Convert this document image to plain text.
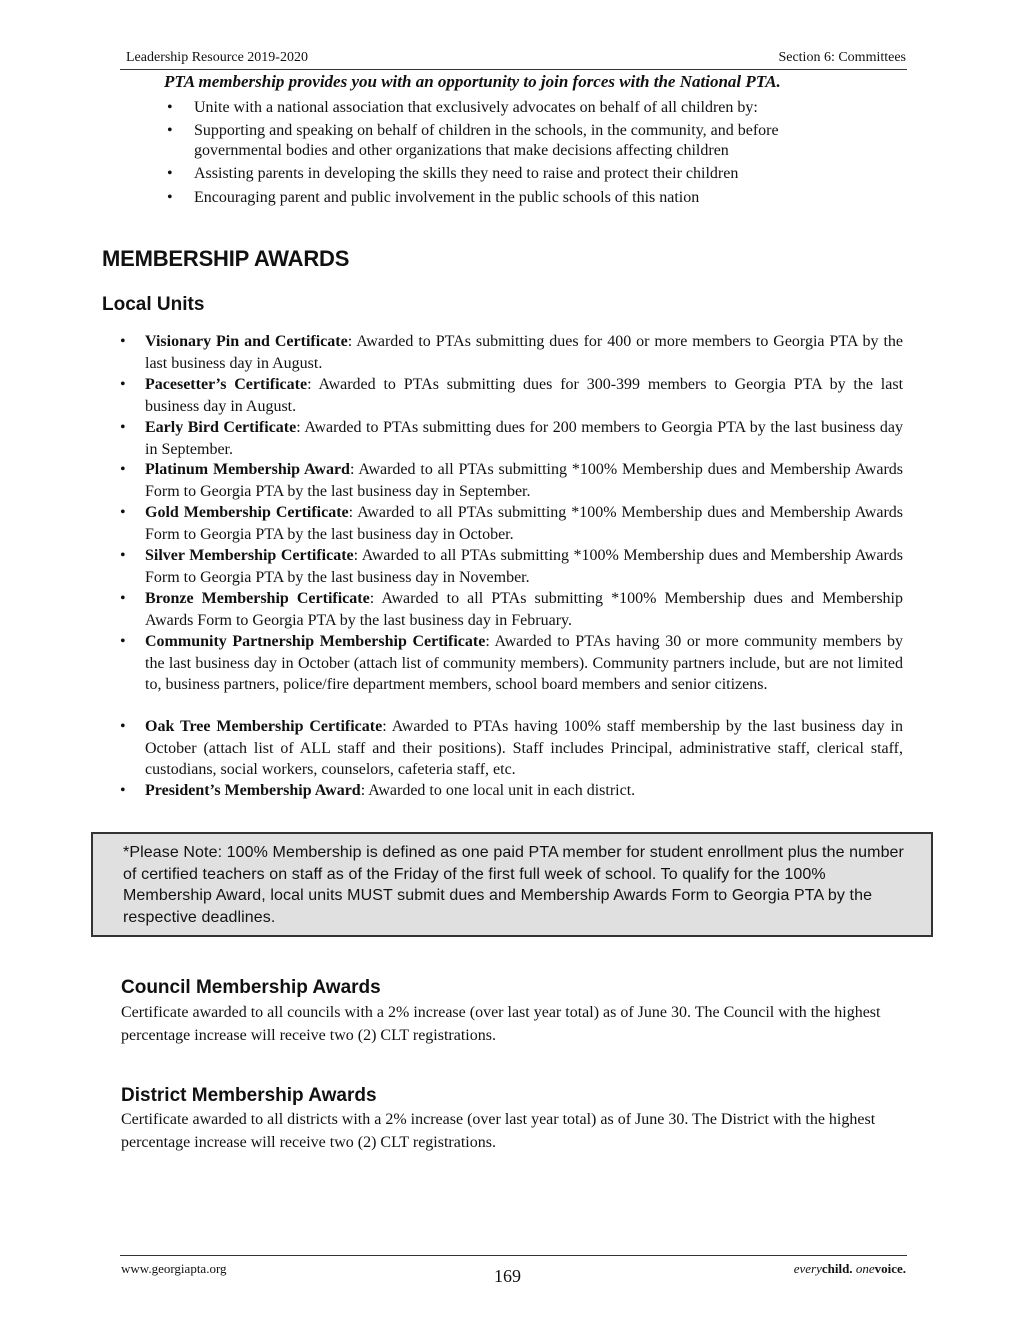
Leadership Resource 2019-2020	Section 6: Committees
PTA membership provides you with an opportunity to join forces with the National PTA.
• Unite with a national association that exclusively advocates on behalf of all children by:
• Supporting and speaking on behalf of children in the schools, in the community, and before
governmental bodies and other organizations that make decisions affecting children
• Assisting parents in developing the skills they need to raise and protect their children
• Encouraging parent and public involvement in the public schools of this nation
MEMBERSHIP AWARDS
Local Units
• Visionary Pin and Certificate: Awarded to PTAs submitting dues for 400 or more members to Georgia PTA by the last business day in August.
• Pacesetter’s Certificate: Awarded to PTAs submitting dues for 300-399 members to Georgia PTA by the last business day in August.
• Early Bird Certificate: Awarded to PTAs submitting dues for 200 members to Georgia PTA by the last business day in September.
• Platinum Membership Award: Awarded to all PTAs submitting *100% Membership dues and Membership Awards Form to Georgia PTA by the last business day in September.
• Gold Membership Certificate: Awarded to all PTAs submitting *100% Membership dues and Membership Awards Form to Georgia PTA by the last business day in October.
• Silver Membership Certificate: Awarded to all PTAs submitting *100% Membership dues and Membership Awards Form to Georgia PTA by the last business day in November.
• Bronze Membership Certificate: Awarded to all PTAs submitting *100% Membership dues and Membership Awards Form to Georgia PTA by the last business day in February.
• Community Partnership Membership Certificate: Awarded to PTAs having 30 or more community members by the last business day in October (attach list of community members). Community partners include, but are not limited to, business partners, police/fire department members, school board members and senior citizens.
• Oak Tree Membership Certificate: Awarded to PTAs having 100% staff membership by the last business day in October (attach list of ALL staff and their positions). Staff includes Principal, administrative staff, clerical staff, custodians, social workers, counselors, cafeteria staff, etc.
• President’s Membership Award: Awarded to one local unit in each district.
*Please Note: 100% Membership is defined as one paid PTA member for student enrollment plus the number of certified teachers on staff as of the Friday of the first full week of school. To qualify for the 100% Membership Award, local units MUST submit dues and Membership Awards Form to Georgia PTA by the respective deadlines.
Council Membership Awards
Certificate awarded to all councils with a 2% increase (over last year total) as of June 30. The Council with the highest percentage increase will receive two (2) CLT registrations.
District Membership Awards
Certificate awarded to all districts with a 2% increase (over last year total) as of June 30. The District with the highest percentage increase will receive two (2) CLT registrations.
www.georgiapta.org	169	everychild. onevoice.
